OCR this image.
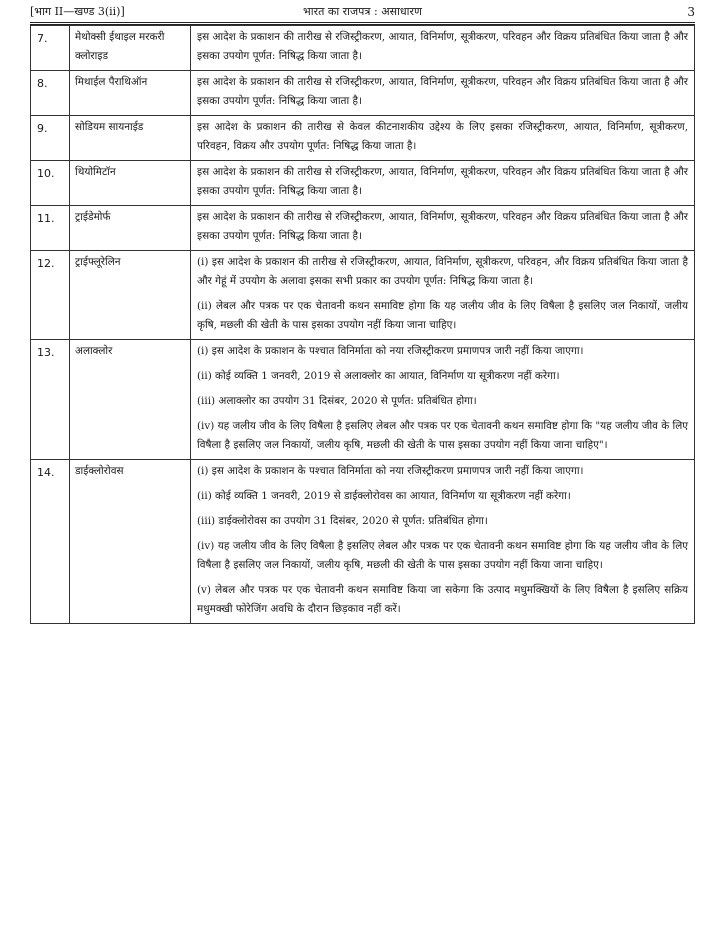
[भाग II—खण्ड 3(ii)]	भारत का राजपत्र : असाधारण	3
7.	मेथोक्सी ईथाइल मरकरी क्लोराइड	इस आदेश के प्रकाशन की तारीख से रजिस्ट्रीकरण, आयात, विनिर्माण, सूत्रीकरण, परिवहन और विक्रय प्रतिबंधित किया जाता है और इसका उपयोग पूर्णत: निषिद्ध किया जाता है।

8.	मिथाईल पैराथिऑन	इस आदेश के प्रकाशन की तारीख से रजिस्ट्रीकरण, आयात, विनिर्माण, सूत्रीकरण, परिवहन और विक्रय प्रतिबंधित किया जाता है और इसका उपयोग पूर्णत: निषिद्ध किया जाता है।

9.	सोडियम सायनाईड	इस आदेश के प्रकाशन की तारीख से केवल कीटनाशकीय उद्देश्य के लिए इसका रजिस्ट्रीकरण, आयात, विनिर्माण, सूत्रीकरण, परिवहन, विक्रय और उपयोग पूर्णत: निषिद्ध किया जाता है।

10.	थियोमिटॉन	इस आदेश के प्रकाशन की तारीख से रजिस्ट्रीकरण, आयात, विनिर्माण, सूत्रीकरण, परिवहन और विक्रय प्रतिबंधित किया जाता है और इसका उपयोग पूर्णत: निषिद्ध किया जाता है।

11.	ट्राईडेमोर्फ	इस आदेश के प्रकाशन की तारीख से रजिस्ट्रीकरण, आयात, विनिर्माण, सूत्रीकरण, परिवहन और विक्रय प्रतिबंधित किया जाता है और इसका उपयोग पूर्णत: निषिद्ध किया जाता है।

12.	ट्राईफ्लूरेलिन	(i) इस आदेश के प्रकाशन की तारीख से रजिस्ट्रीकरण, आयात, विनिर्माण, सूत्रीकरण, परिवहन, और विक्रय प्रतिबंधित किया जाता है और गेहूं में उपयोग के अलावा इसका सभी प्रकार का उपयोग पूर्णत: निषिद्ध किया जाता है।

(ii) लेबल और पत्रक पर एक चेतावनी कथन समाविष्ट होगा कि यह जलीय जीव के लिए विषैला है इसलिए जल निकायों, जलीय कृषि, मछली की खेती के पास इसका उपयोग नहीं किया जाना चाहिए।

13.	अलाक्लोर	(i) इस आदेश के प्रकाशन के पश्चात विनिर्माता को नया रजिस्ट्रीकरण प्रमाणपत्र जारी नहीं किया जाएगा।

(ii) कोई व्यक्ति 1 जनवरी, 2019 से अलाक्लोर का आयात, विनिर्माण या सूत्रीकरण नहीं करेगा।

(iii) अलाक्लोर का उपयोग 31 दिसंबर, 2020 से पूर्णत: प्रतिबंधित होगा।

(iv) यह जलीय जीव के लिए विषैला है इसलिए लेबल और पत्रक पर एक चेतावनी कथन समाविष्ट होगा कि "यह जलीय जीव के लिए विषैला है इसलिए जल निकायों, जलीय कृषि, मछली की खेती के पास इसका उपयोग नहीं किया जाना चाहिए"।

14.	डाईक्लोरोवस	(i) इस आदेश के प्रकाशन के पश्चात विनिर्माता को नया रजिस्ट्रीकरण प्रमाणपत्र जारी नहीं किया जाएगा।

(ii) कोई व्यक्ति 1 जनवरी, 2019 से डाईक्लोरोवस का आयात, विनिर्माण या सूत्रीकरण नहीं करेगा।

(iii) डाईक्लोरोवस का उपयोग 31 दिसंबर, 2020 से पूर्णत: प्रतिबंधित होगा।

(iv) यह जलीय जीव के लिए विषैला है इसलिए लेबल और पत्रक पर एक चेतावनी कथन समाविष्ट होगा कि यह जलीय जीव के लिए विषैला है इसलिए जल निकायों, जलीय कृषि, मछली की खेती के पास इसका उपयोग नहीं किया जाना चाहिए।

(v) लेबल और पत्रक पर एक चेतावनी कथन समाविष्ट किया जा सकेगा कि उत्पाद मधुमक्खियों के लिए विषैला है इसलिए सक्रिय मधुमक्खी फोरेजिंग अवधि के दौरान छिड़काव नहीं करें।
